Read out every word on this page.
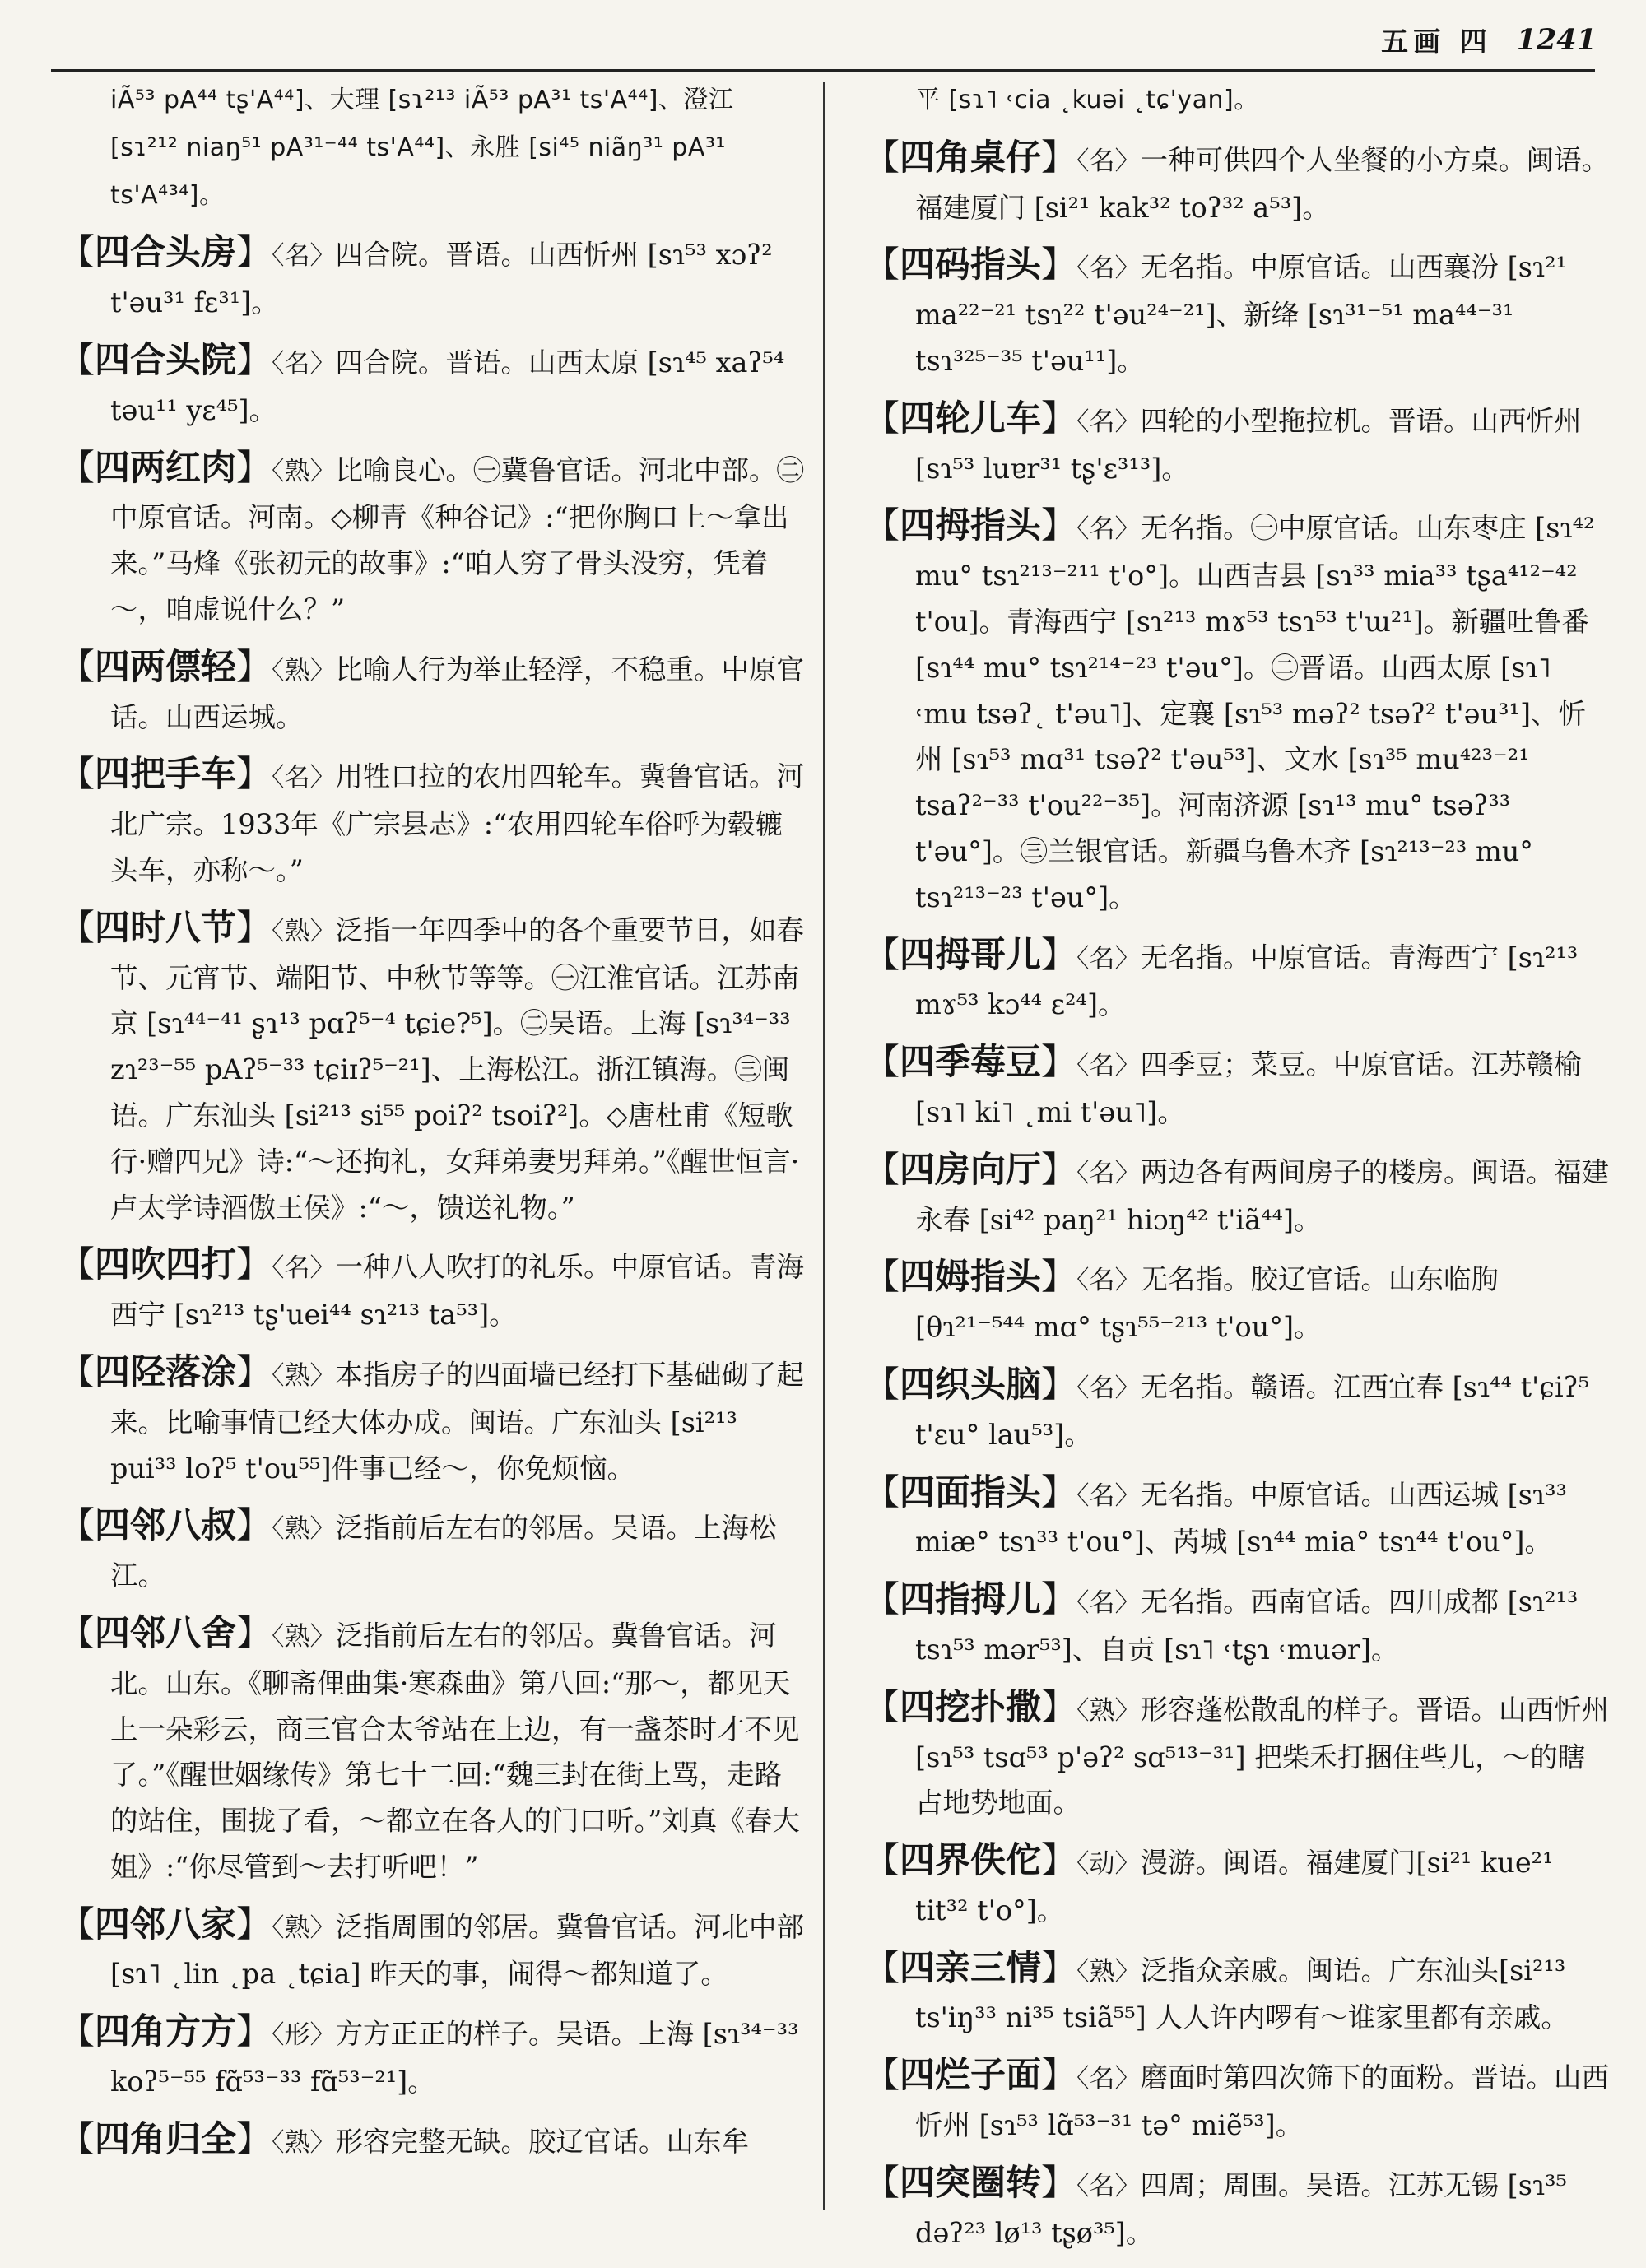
五画 四 1241

iÃ⁵³ pA⁴⁴ tʂ'A⁴⁴]、大理 [sɿ²¹³ iÃ⁵³ pA³¹ ts'A⁴⁴]、澄江 [sɿ²¹² niaŋ⁵¹ pA³¹⁻⁴⁴ ts'A⁴⁴]、永胜 [si⁴⁵ niãŋ³¹ pA³¹ ts'A⁴³⁴]。

【 四合头房 】 〈 名 〉 四合院。晋语。山西忻州 [sɿ⁵³ xɔʔ² t'əu³¹ fɛ³¹]。

【 四合头院 】 〈 名 〉 四合院。晋语。山西太原 [sɿ⁴⁵ xaʔ⁵⁴ təu¹¹ yɛ⁴⁵]。

【 四两红肉 】 〈 熟 〉 比喻良心。㊀冀鲁官话。河北中部。㊁中原官话。河南。◇柳青《种谷记》:“把你胸口上～拿出来。”马烽《张初元的故事》:“咱人穷了骨头没穷，凭着～，咱虚说什么？”

【 四两僄轻 】 〈 熟 〉 比喻人行为举止轻浮，不稳重。中原官话。山西运城。

【 四把手车 】 〈 名 〉 用牲口拉的农用四轮车。冀鲁官话。河北广宗。1933年《广宗县志》:“农用四轮车俗呼为毂辘头车，亦称～。”

【 四时八节 】 〈 熟 〉 泛指一年四季中的各个重要节日，如春节、元宵节、端阳节、中秋节等等。㊀江淮官话。江苏南京 [sɿ⁴⁴⁻⁴¹ ʂɿ¹³ pɑʔ⁵⁻⁴ tɕie?⁵]。㊁吴语。上海 [sɿ³⁴⁻³³ zɿ²³⁻⁵⁵ pAʔ⁵⁻³³ tɕiɪʔ⁵⁻²¹]、上海松江。浙江镇海。㊂闽语。广东汕头 [si²¹³ si⁵⁵ poiʔ² tsoiʔ²]。◇唐杜甫《短歌行·赠四兄》诗:“～还拘礼，女拜弟妻男拜弟。”《醒世恒言·卢太学诗酒傲王侯》:“～，馈送礼物。”

【 四吹四打 】 〈 名 〉 一种八人吹打的礼乐。中原官话。青海西宁 [sɿ²¹³ tʂ'uei⁴⁴ sɿ²¹³ ta⁵³]。

【 四陉落涂 】 〈 熟 〉 本指房子的四面墙已经打下基础砌了起来。比喻事情已经大体办成。闽语。广东汕头 [si²¹³ pui³³ loʔ⁵ t'ou⁵⁵]件事已经～，你免烦恼。

【 四邻八叔 】 〈 熟 〉 泛指前后左右的邻居。吴语。上海松江。

【 四邻八舍 】 〈 熟 〉 泛指前后左右的邻居。冀鲁官话。河北。山东。《聊斋俚曲集·寒森曲》第八回:“那～，都见天上一朵彩云，商三官合太爷站在上边，有一盏茶时才不见了。”《醒世姻缘传》第七十二回:“魏三封在街上骂，走路的站住，围拢了看，～都立在各人的门口听。”刘真《春大姐》:“你尽管到～去打听吧！”

【 四邻八家 】 〈 熟 〉 泛指周围的邻居。冀鲁官话。河北中部 [sɿ˥ ˛lin ˛pa ˛tɕia] 昨天的事，闹得～都知道了。

【 四角方方 】 〈 形 〉 方方正正的样子。吴语。上海 [sɿ³⁴⁻³³ koʔ⁵⁻⁵⁵ fɑ̃⁵³⁻³³ fɑ̃⁵³⁻²¹]。

【 四角归全 】 〈 熟 〉 形容完整无缺。胶辽官话。山东牟

平 [sɿ˥ ˓cia ˛kuəi ˛tɕ'yan]。

【 四角桌仔 】 〈 名 〉 一种可供四个人坐餐的小方桌。闽语。福建厦门 [si²¹ kak³² toʔ³² a⁵³]。

【 四码指头 】 〈 名 〉 无名指。中原官话。山西襄汾 [sɿ²¹ ma²²⁻²¹ tsɿ²² t'əu²⁴⁻²¹]、新绛 [sɿ³¹⁻⁵¹ ma⁴⁴⁻³¹ tsɿ³²⁵⁻³⁵ t'əu¹¹]。

【 四轮儿车 】 〈 名 〉 四轮的小型拖拉机。晋语。山西忻州 [sɿ⁵³ luɐr³¹ tʂ'ɛ³¹³]。

【 四拇指头 】 〈 名 〉 无名指。㊀中原官话。山东枣庄 [sɿ⁴² mu° tsɿ²¹³⁻²¹¹ t'o°]。山西吉县 [sɿ³³ mia³³ tʂa⁴¹²⁻⁴² t'ou]。青海西宁 [sɿ²¹³ mɤ⁵³ tsɿ⁵³ t'ɯ²¹]。新疆吐鲁番 [sɿ⁴⁴ mu° tsɿ²¹⁴⁻²³ t'əu°]。㊁晋语。山西太原 [sɿ˥ ˓mu tsəʔ˛ t'əu˥]、定襄 [sɿ⁵³ məʔ² tsəʔ² t'əu³¹]、忻州 [sɿ⁵³ mɑ³¹ tsəʔ² t'əu⁵³]、文水 [sɿ³⁵ mu⁴²³⁻²¹ tsaʔ²⁻³³ t'ou²²⁻³⁵]。河南济源 [sɿ¹³ mu° tsəʔ³³ t'əu°]。㊂兰银官话。新疆乌鲁木齐 [sɿ²¹³⁻²³ mu° tsɿ²¹³⁻²³ t'əu°]。

【 四拇哥儿 】 〈 名 〉 无名指。中原官话。青海西宁 [sɿ²¹³ mɤ⁵³ kɔ⁴⁴ ɛ²⁴]。

【 四季莓豆 】 〈 名 〉 四季豆；菜豆。中原官话。江苏赣榆 [sɿ˥ ki˥ ˛mi t'əu˥]。

【 四房向厅 】 〈 名 〉 两边各有两间房子的楼房。闽语。福建永春 [si⁴² paŋ²¹ hiɔŋ⁴² t'iã⁴⁴]。

【 四姆指头 】 〈 名 〉 无名指。胶辽官话。山东临朐 [θɿ²¹⁻⁵⁴⁴ mɑ° tʂɿ⁵⁵⁻²¹³ t'ou°]。

【 四织头脑 】 〈 名 〉 无名指。赣语。江西宜春 [sɿ⁴⁴ t'ɕiʔ⁵ t'ɛu° lau⁵³]。

【 四面指头 】 〈 名 〉 无名指。中原官话。山西运城 [sɿ³³ miæ° tsɿ³³ t'ou°]、芮城 [sɿ⁴⁴ mia° tsɿ⁴⁴ t'ou°]。

【 四指拇儿 】 〈 名 〉 无名指。西南官话。四川成都 [sɿ²¹³ tsɿ⁵³ mər⁵³]、自贡 [sɿ˥ ˓tʂɿ ˓muər]。

【 四挖扑撒 】 〈 熟 〉 形容蓬松散乱的样子。晋语。山西忻州 [sɿ⁵³ tsɑ⁵³ p'əʔ² sɑ⁵¹³⁻³¹] 把柴禾打捆住些儿，～的瞎占地势地面。

【 四界佚佗 】 〈 动 〉 漫游。闽语。福建厦门[si²¹ kue²¹ tit³² t'o°]。

【 四亲三情 】 〈 熟 〉 泛指众亲戚。闽语。广东汕头[si²¹³ ts'iŋ³³ ni³⁵ tsiã⁵⁵] 人人许内啰有～谁家里都有亲戚。

【 四烂子面 】 〈 名 〉 磨面时第四次筛下的面粉。晋语。山西忻州 [sɿ⁵³ lɑ̃⁵³⁻³¹ tə° miẽ⁵³]。

【 四突圈转 】 〈 名 〉 四周；周围。吴语。江苏无锡 [sɿ³⁵ dəʔ²³ lø¹³ tʂø³⁵]。
